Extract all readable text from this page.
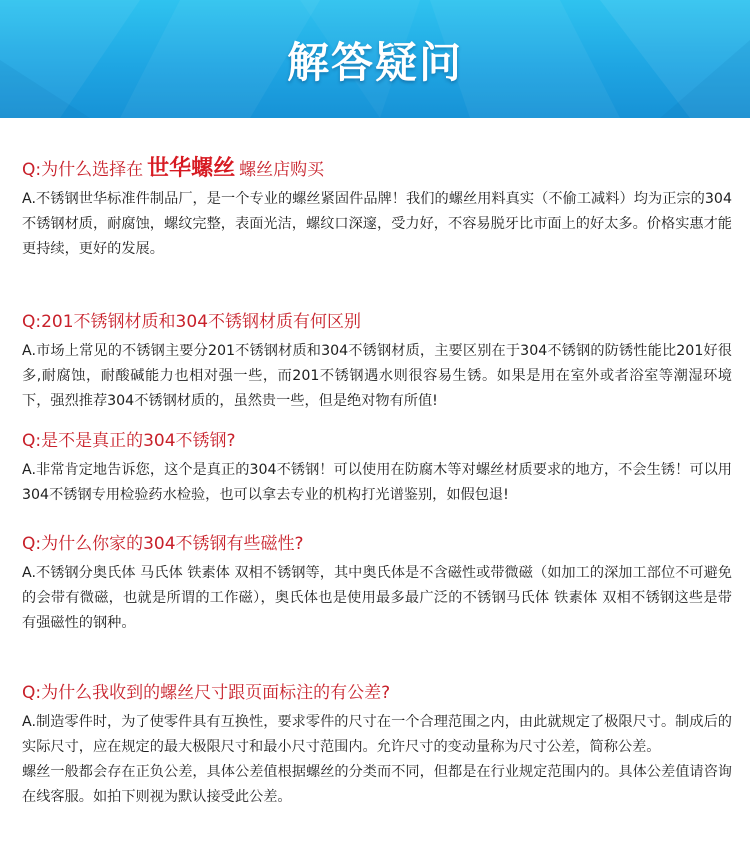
解答疑问
Q:为什么选择在 世华螺丝 螺丝店购买

A.不锈钢世华标准件制品厂，是一个专业的螺丝紧固件品牌！我们的螺丝用料真实（不偷工减料）均为正宗的304不锈钢材质，耐腐蚀，螺纹完整，表面光洁，螺纹口深邃，受力好，不容易脱牙比市面上的好太多。价格实惠才能更持续，更好的发展。

Q:201不锈钢材质和304不锈钢材质有何区别

A.市场上常见的不锈钢主要分201不锈钢材质和304不锈钢材质，主要区别在于304不锈钢的防锈性能比201好很多,耐腐蚀，耐酸碱能力也相对强一些，而201不锈钢遇水则很容易生锈。如果是用在室外或者浴室等潮湿环境下，强烈推荐304不锈钢材质的，虽然贵一些，但是绝对物有所值!

Q:是不是真正的304不锈钢?

A.非常肯定地告诉您，这个是真正的304不锈钢！可以使用在防腐木等对螺丝材质要求的地方，不会生锈！可以用304不锈钢专用检验药水检验，也可以拿去专业的机构打光谱鉴别，如假包退!

Q:为什么你家的304不锈钢有些磁性?

A.不锈钢分奥氏体 马氏体 铁素体 双相不锈钢等，其中奥氏体是不含磁性或带微磁（如加工的深加工部位不可避免的会带有微磁，也就是所谓的工作磁），奥氏体也是使用最多最广泛的不锈钢马氏体 铁素体 双相不锈钢这些是带有强磁性的钢种。

Q:为什么我收到的螺丝尺寸跟页面标注的有公差?

A.制造零件时，为了使零件具有互换性，要求零件的尺寸在一个合理范围之内，由此就规定了极限尺寸。制成后的实际尺寸，应在规定的最大极限尺寸和最小尺寸范围内。允许尺寸的变动量称为尺寸公差，简称公差。

螺丝一般都会存在正负公差，具体公差值根据螺丝的分类而不同，但都是在行业规定范围内的。具体公差值请咨询在线客服。如拍下则视为默认接受此公差。
